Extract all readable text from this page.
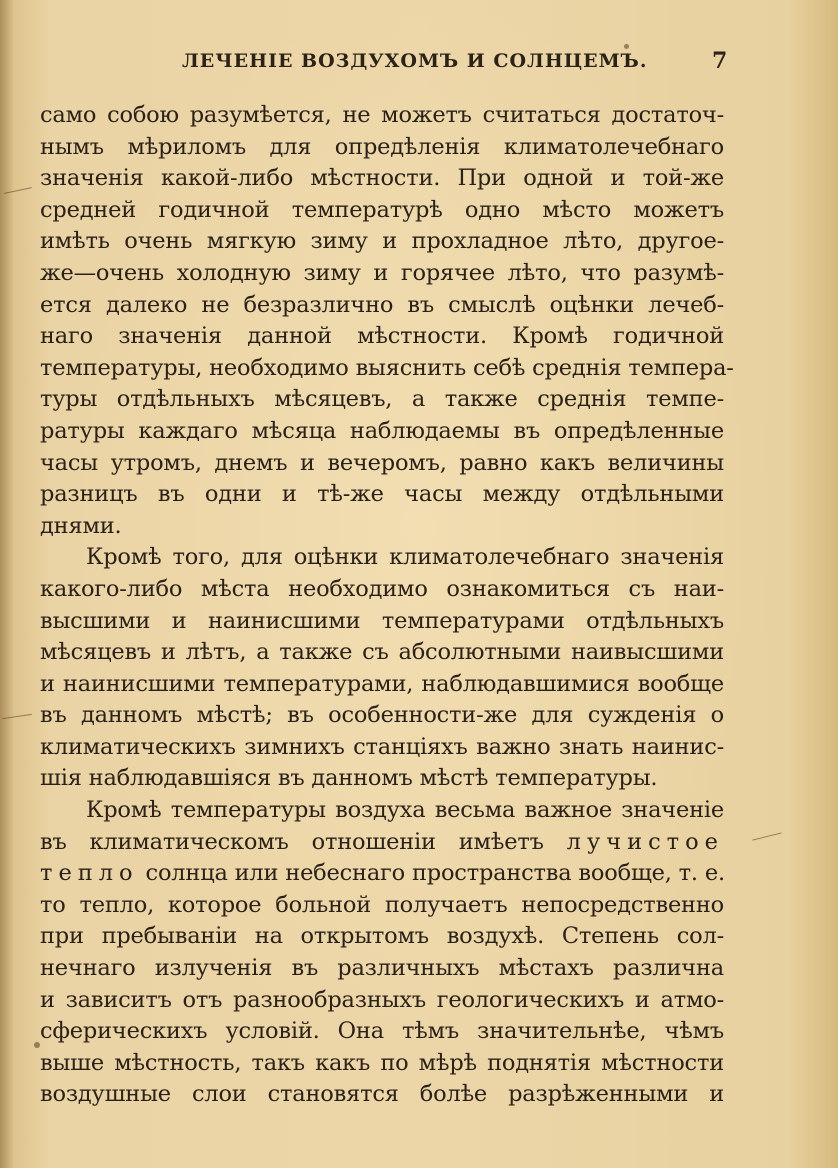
ЛЕЧЕНІЕ ВОЗДУХОМЪ И СОЛНЦЕМЪ.	7
само собою разумѣется, не можетъ считаться достаточ-
нымъ мѣриломъ для опредѣленія климатолечебнаго
значенія какой-либо мѣстности. При одной и той-же
средней годичной температурѣ одно мѣсто можетъ
имѣть очень мягкую зиму и прохладное лѣто, другое-
же—очень холодную зиму и горячее лѣто, что разумѣ-
ется далеко не безразлично въ смыслѣ оцѣнки лечеб-
наго значенія данной мѣстности. Кромѣ годичной
температуры, необходимо выяснить себѣ среднія темпера-
туры отдѣльныхъ мѣсяцевъ, а также среднія темпе-
ратуры каждаго мѣсяца наблюдаемы въ опредѣленные
часы утромъ, днемъ и вечеромъ, равно какъ величины
разницъ въ одни и тѣ-же часы между отдѣльными
днями.
Кромѣ того, для оцѣнки климатолечебнаго значенія
какого-либо мѣста необходимо ознакомиться съ наи-
высшими и наинисшими температурами отдѣльныхъ
мѣсяцевъ и лѣтъ, а также съ абсолютными наивысшими
и наинисшими температурами, наблюдавшимися вообще
въ данномъ мѣстѣ; въ особенности-же для сужденія о
климатическихъ зимнихъ станціяхъ важно знать наинис-
шія наблюдавшіяся въ данномъ мѣстѣ температуры.
Кромѣ температуры воздуха весьма важное значеніе
въ климатическомъ отношеніи имѣетъ лучистое
тепло солнца или небеснаго пространства вообще, т. е.
то тепло, которое больной получаетъ непосредственно
при пребываніи на открытомъ воздухѣ. Степень сол-
нечнаго излученія въ различныхъ мѣстахъ различна
и зависитъ отъ разнообразныхъ геологическихъ и атмо-
сферическихъ условій. Она тѣмъ значительнѣе, чѣмъ
выше мѣстность, такъ какъ по мѣрѣ поднятія мѣстности
воздушные слои становятся болѣе разрѣженными и
